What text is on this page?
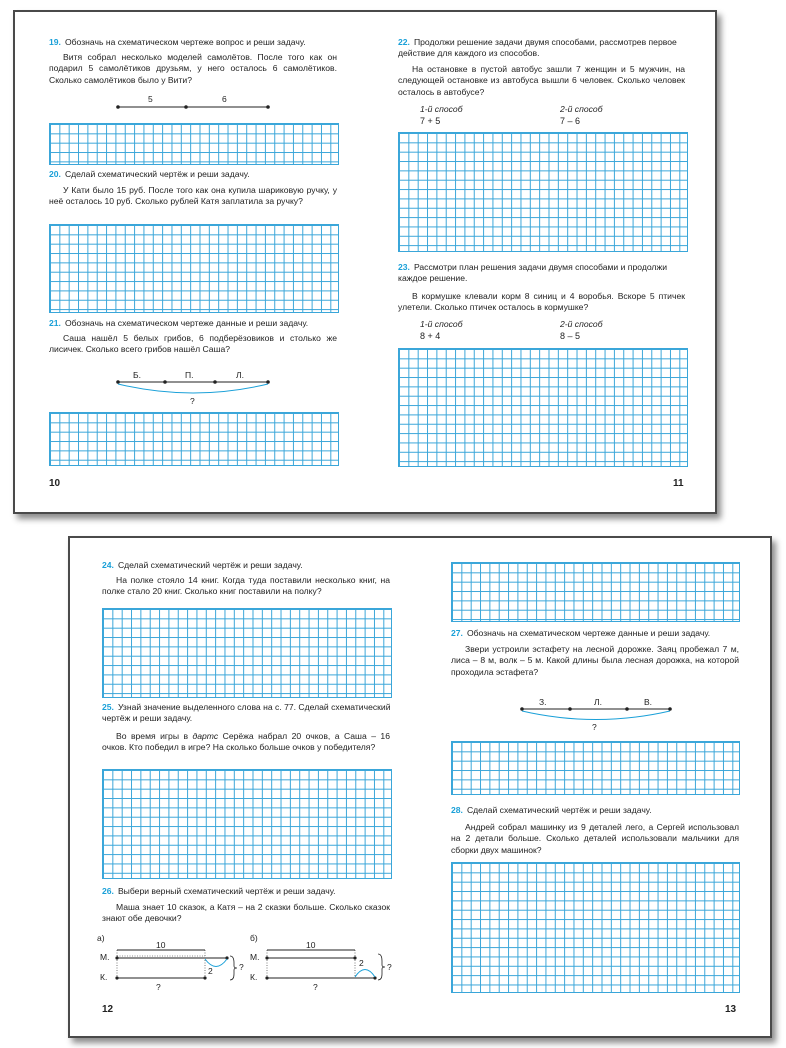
19. Обозначь на схематическом чертеже вопрос и реши задачу.
Витя собрал несколько моделей самолётов. После того как он подарил 5 самолётиков друзьям, у него осталось 6 самолётиков. Сколько самолётиков было у Вити?
5	6
20. Сделай схематический чертёж и реши задачу.
У Кати было 15 руб. После того как она купила шариковую ручку, у неё осталось 10 руб. Сколько рублей Катя заплатила за ручку?
21. Обозначь на схематическом чертеже данные и реши задачу.
Саша нашёл 5 белых грибов, 6 подберёзовиков и столько же лисичек. Сколько всего грибов нашёл Саша?
Б.	П.	Л.
?
10
22. Продолжи решение задачи двумя способами, рассмотрев первое действие для каждого из способов.
На остановке в пустой автобус зашли 7 женщин и 5 мужчин, на следующей остановке из автобуса вышли 6 человек. Сколько человек осталось в автобусе?
1-й способ
7 + 5
2-й способ
7 – 6
23. Рассмотри план решения задачи двумя способами и продолжи каждое решение.
В кормушке клевали корм 8 синиц и 4 воробья. Вскоре 5 птичек улетели. Сколько птичек осталось в кормушке?
1-й способ
8 + 4
2-й способ
8 – 5
11
24. Сделай схематический чертёж и реши задачу.
На полке стояло 14 книг. Когда туда поставили несколько книг, на полке стало 20 книг. Сколько книг поставили на полку?
25. Узнай значение выделенного слова на с. 77. Сделай схематический чертёж и реши задачу.
Во время игры в дартс Серёжа набрал 20 очков, а Саша – 16 очков. Кто победил в игре? На сколько больше очков у победителя?
26. Выбери верный схематический чертёж и реши задачу.
Маша знает 10 сказок, а Катя – на 2 сказки больше. Сколько сказок знают обе девочки?
а)
10
М.
К.
2	?
?
б)
10
М.
К.
2	?
?
12
27. Обозначь на схематическом чертеже данные и реши задачу.
Звери устроили эстафету на лесной дорожке. Заяц пробежал 7 м, лиса – 8 м, волк – 5 м. Какой длины была лесная дорожка, на которой проходила эстафета?
З.	Л.	В.
?
28. Сделай схематический чертёж и реши задачу.
Андрей собрал машинку из 9 деталей лего, а Сергей использовал на 2 детали больше. Сколько деталей использовали мальчики для сборки двух машинок?
13
